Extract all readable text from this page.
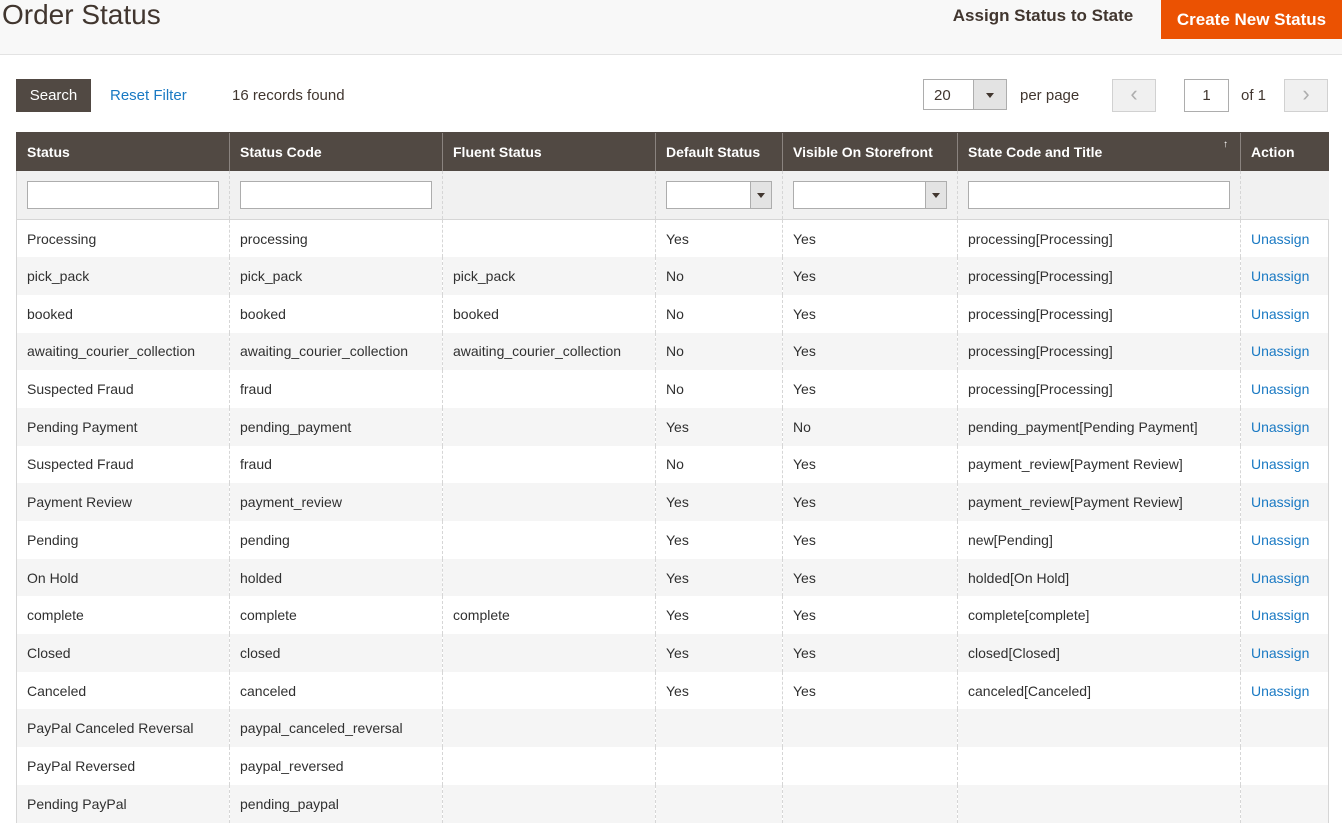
Order Status	Assign Status to State	Create New Status
Search	Reset Filter	16 records found	20	per page	‹
1	of 1	›
Status	Status Code	Fluent Status	Default Status	Visible On Storefront	State Code and Title ↑	Action

Processing	processing		Yes	Yes	processing[Processing]	Unassign
pick_pack	pick_pack	pick_pack	No	Yes	processing[Processing]	Unassign
booked	booked	booked	No	Yes	processing[Processing]	Unassign
awaiting_courier_collection	awaiting_courier_collection	awaiting_courier_collection	No	Yes	processing[Processing]	Unassign
Suspected Fraud	fraud		No	Yes	processing[Processing]	Unassign
Pending Payment	pending_payment		Yes	No	pending_payment[Pending Payment]	Unassign
Suspected Fraud	fraud		No	Yes	payment_review[Payment Review]	Unassign
Payment Review	payment_review		Yes	Yes	payment_review[Payment Review]	Unassign
Pending	pending		Yes	Yes	new[Pending]	Unassign
On Hold	holded		Yes	Yes	holded[On Hold]	Unassign
complete	complete	complete	Yes	Yes	complete[complete]	Unassign
Closed	closed		Yes	Yes	closed[Closed]	Unassign
Canceled	canceled		Yes	Yes	canceled[Canceled]	Unassign
PayPal Canceled Reversal	paypal_canceled_reversal					
PayPal Reversed	paypal_reversed					
Pending PayPal	pending_paypal					
